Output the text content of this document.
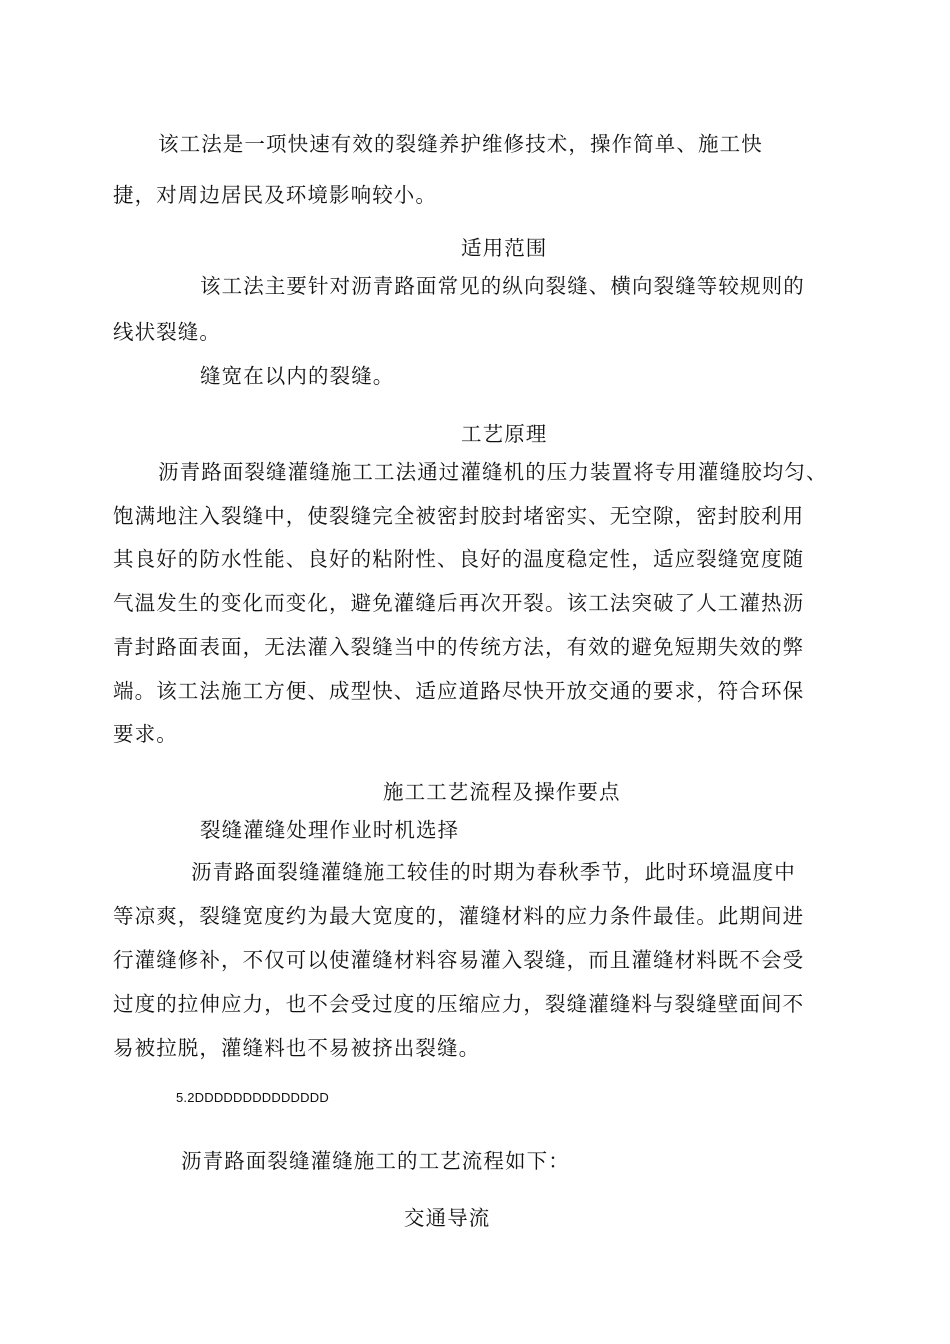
该工法是一项快速有效的裂缝养护维修技术，操作简单、施工快
捷，对周边居民及环境影响较小。
适用范围
该工法主要针对沥青路面常见的纵向裂缝、横向裂缝等较规则的
线状裂缝。
缝宽在以内的裂缝。
工艺原理
沥青路面裂缝灌缝施工工法通过灌缝机的压力装置将专用灌缝胶均匀、
饱满地注入裂缝中，使裂缝完全被密封胶封堵密实、无空隙，密封胶利用
其良好的防水性能、良好的粘附性、良好的温度稳定性，适应裂缝宽度随
气温发生的变化而变化，避免灌缝后再次开裂。该工法突破了人工灌热沥
青封路面表面，无法灌入裂缝当中的传统方法，有效的避免短期失效的弊
端。该工法施工方便、成型快、适应道路尽快开放交通的要求，符合环保
要求。
施工工艺流程及操作要点
裂缝灌缝处理作业时机选择
沥青路面裂缝灌缝施工较佳的时期为春秋季节，此时环境温度中
等凉爽，裂缝宽度约为最大宽度的，灌缝材料的应力条件最佳。此期间进
行灌缝修补，不仅可以使灌缝材料容易灌入裂缝，而且灌缝材料既不会受
过度的拉伸应力，也不会受过度的压缩应力，裂缝灌缝料与裂缝壁面间不
易被拉脱，灌缝料也不易被挤出裂缝。
5.2DDDDDDDDDDDDDD
沥青路面裂缝灌缝施工的工艺流程如下：
交通导流
